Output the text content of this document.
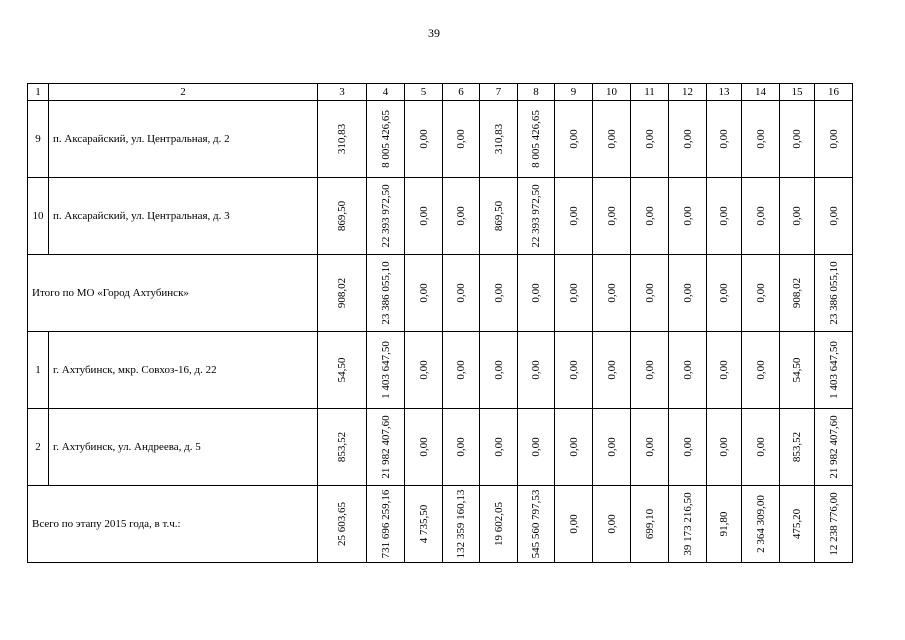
39
1	2	3	4	5	6	7	8	9	10	11	12	13	14	15	16
9	п. Аксарайский, ул. Центральная, д. 2	310,83	8 005 426,65	0,00	0,00	310,83	8 005 426,65	0,00	0,00	0,00	0,00	0,00	0,00	0,00	0,00

10	п. Аксарайский, ул. Центральная, д. 3	869,50	22 393 972,50	0,00	0,00	869,50	22 393 972,50	0,00	0,00	0,00	0,00	0,00	0,00	0,00	0,00

Итого по МО «Город Ахтубинск»		908,02	23 386 055,10	0,00	0,00	0,00	0,00	0,00	0,00	0,00	0,00	0,00	0,00	908,02	23 386 055,10

1	г. Ахтубинск, мкр. Совхоз-16, д. 22	54,50	1 403 647,50	0,00	0,00	0,00	0,00	0,00	0,00	0,00	0,00	0,00	0,00	54,50	1 403 647,50

2	г. Ахтубинск, ул. Андреева, д. 5	853,52	21 982 407,60	0,00	0,00	0,00	0,00	0,00	0,00	0,00	0,00	0,00	0,00	853,52	21 982 407,60

Всего по этапу 2015 года, в т.ч.:		25 603,65	731 696 259,16	4 735,50	132 359 160,13	19 602,05	545 560 797,53	0,00	0,00	699,10	39 173 216,50	91,80	2 364 309,00	475,20	12 238 776,00
